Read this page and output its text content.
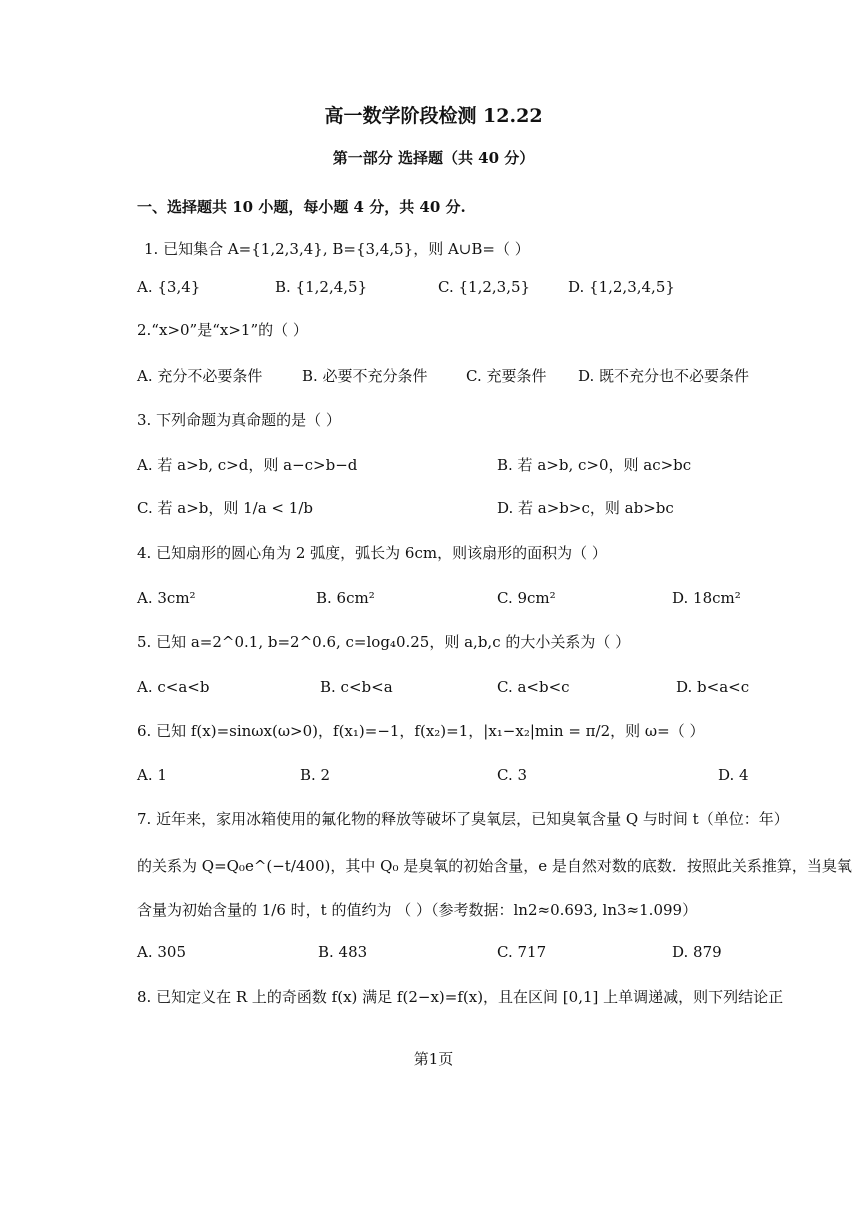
高一数学阶段检测 12.22
第一部分 选择题（共 40 分）
一、选择题共 10 小题，每小题 4 分，共 40 分.
1. 已知集合 A={1,2,3,4}, B={3,4,5}，则 A∪B=（ ）
A. {3,4}	B. {1,2,4,5}	C. {1,2,3,5}	D. {1,2,3,4,5}
2.“x>0”是“x>1”的（ ）
A. 充分不必要条件	B. 必要不充分条件	C. 充要条件 D. 既不充分也不必要条件
3. 下列命题为真命题的是（ ）
A. 若 a>b, c>d，则 a−c>b−d	B. 若 a>b, c>0，则 ac>bc
C. 若 a>b，则 1/a < 1/b	D. 若 a>b>c，则 ab>bc
4. 已知扇形的圆心角为 2 弧度，弧长为 6cm，则该扇形的面积为（ ）
A. 3cm²	B. 6cm²	C. 9cm²	D. 18cm²
5. 已知 a=2^0.1, b=2^0.6, c=log₄0.25，则 a,b,c 的大小关系为（ ）
A. c<a<b	B. c<b<a	C. a<b<c	D. b<a<c
6. 已知 f(x)=sinωx(ω>0)，f(x₁)=−1，f(x₂)=1，|x₁−x₂|min = π/2，则 ω=（ ）
A. 1	B. 2	C. 3	D. 4
7. 近年来，家用冰箱使用的氟化物的释放等破坏了臭氧层，已知臭氧含量 Q 与时间 t（单位：年）
的关系为 Q=Q₀e^(−t/400)，其中 Q₀ 是臭氧的初始含量，e 是自然对数的底数．按照此关系推算，当臭氧
含量为初始含量的 1/6 时，t 的值约为 （ ）（参考数据：ln2≈0.693, ln3≈1.099）
A. 305	B. 483	C. 717	D. 879
8. 已知定义在 R 上的奇函数 f(x) 满足 f(2−x)=f(x)，且在区间 [0,1] 上单调递减，则下列结论正
第1页
